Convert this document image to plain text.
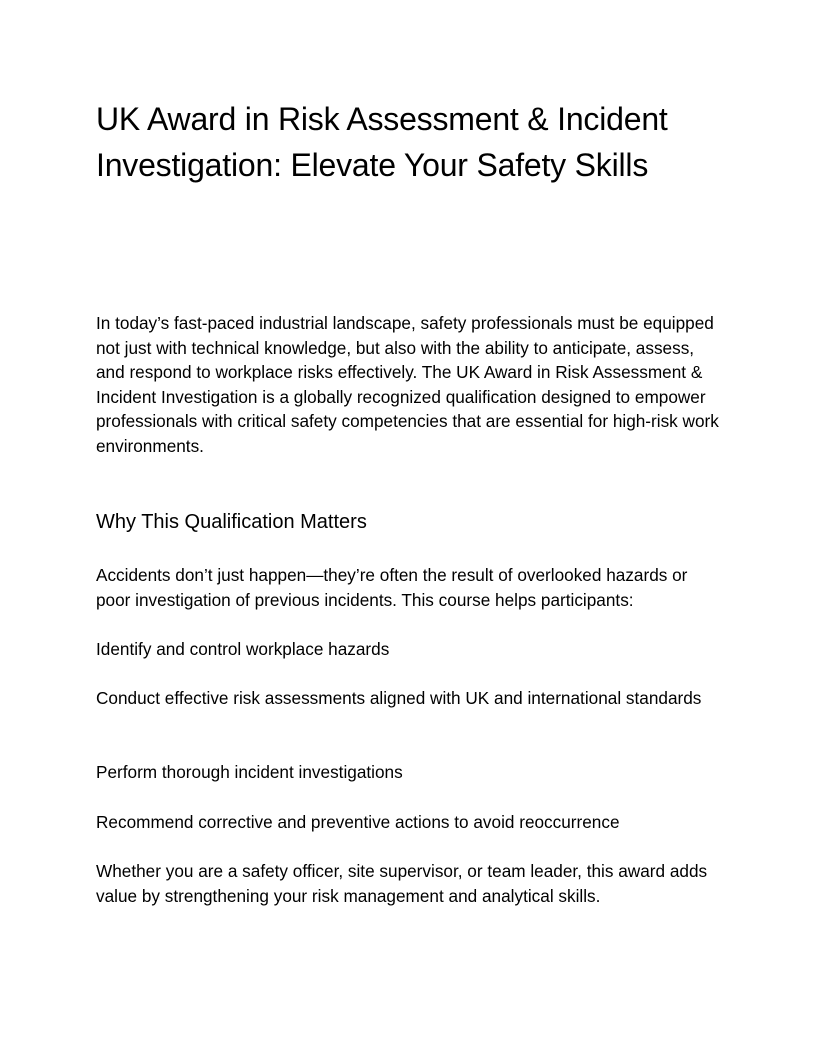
UK Award in Risk Assessment & Incident Investigation: Elevate Your Safety Skills

In today’s fast-paced industrial landscape, safety professionals must be equipped not just with technical knowledge, but also with the ability to anticipate, assess, and respond to workplace risks effectively. The UK Award in Risk Assessment & Incident Investigation is a globally recognized qualification designed to empower professionals with critical safety competencies that are essential for high-risk work environments.

Why This Qualification Matters

Accidents don’t just happen—they’re often the result of overlooked hazards or poor investigation of previous incidents. This course helps participants:

Identify and control workplace hazards

Conduct effective risk assessments aligned with UK and international standards

Perform thorough incident investigations

Recommend corrective and preventive actions to avoid reoccurrence

Whether you are a safety officer, site supervisor, or team leader, this award adds value by strengthening your risk management and analytical skills.
